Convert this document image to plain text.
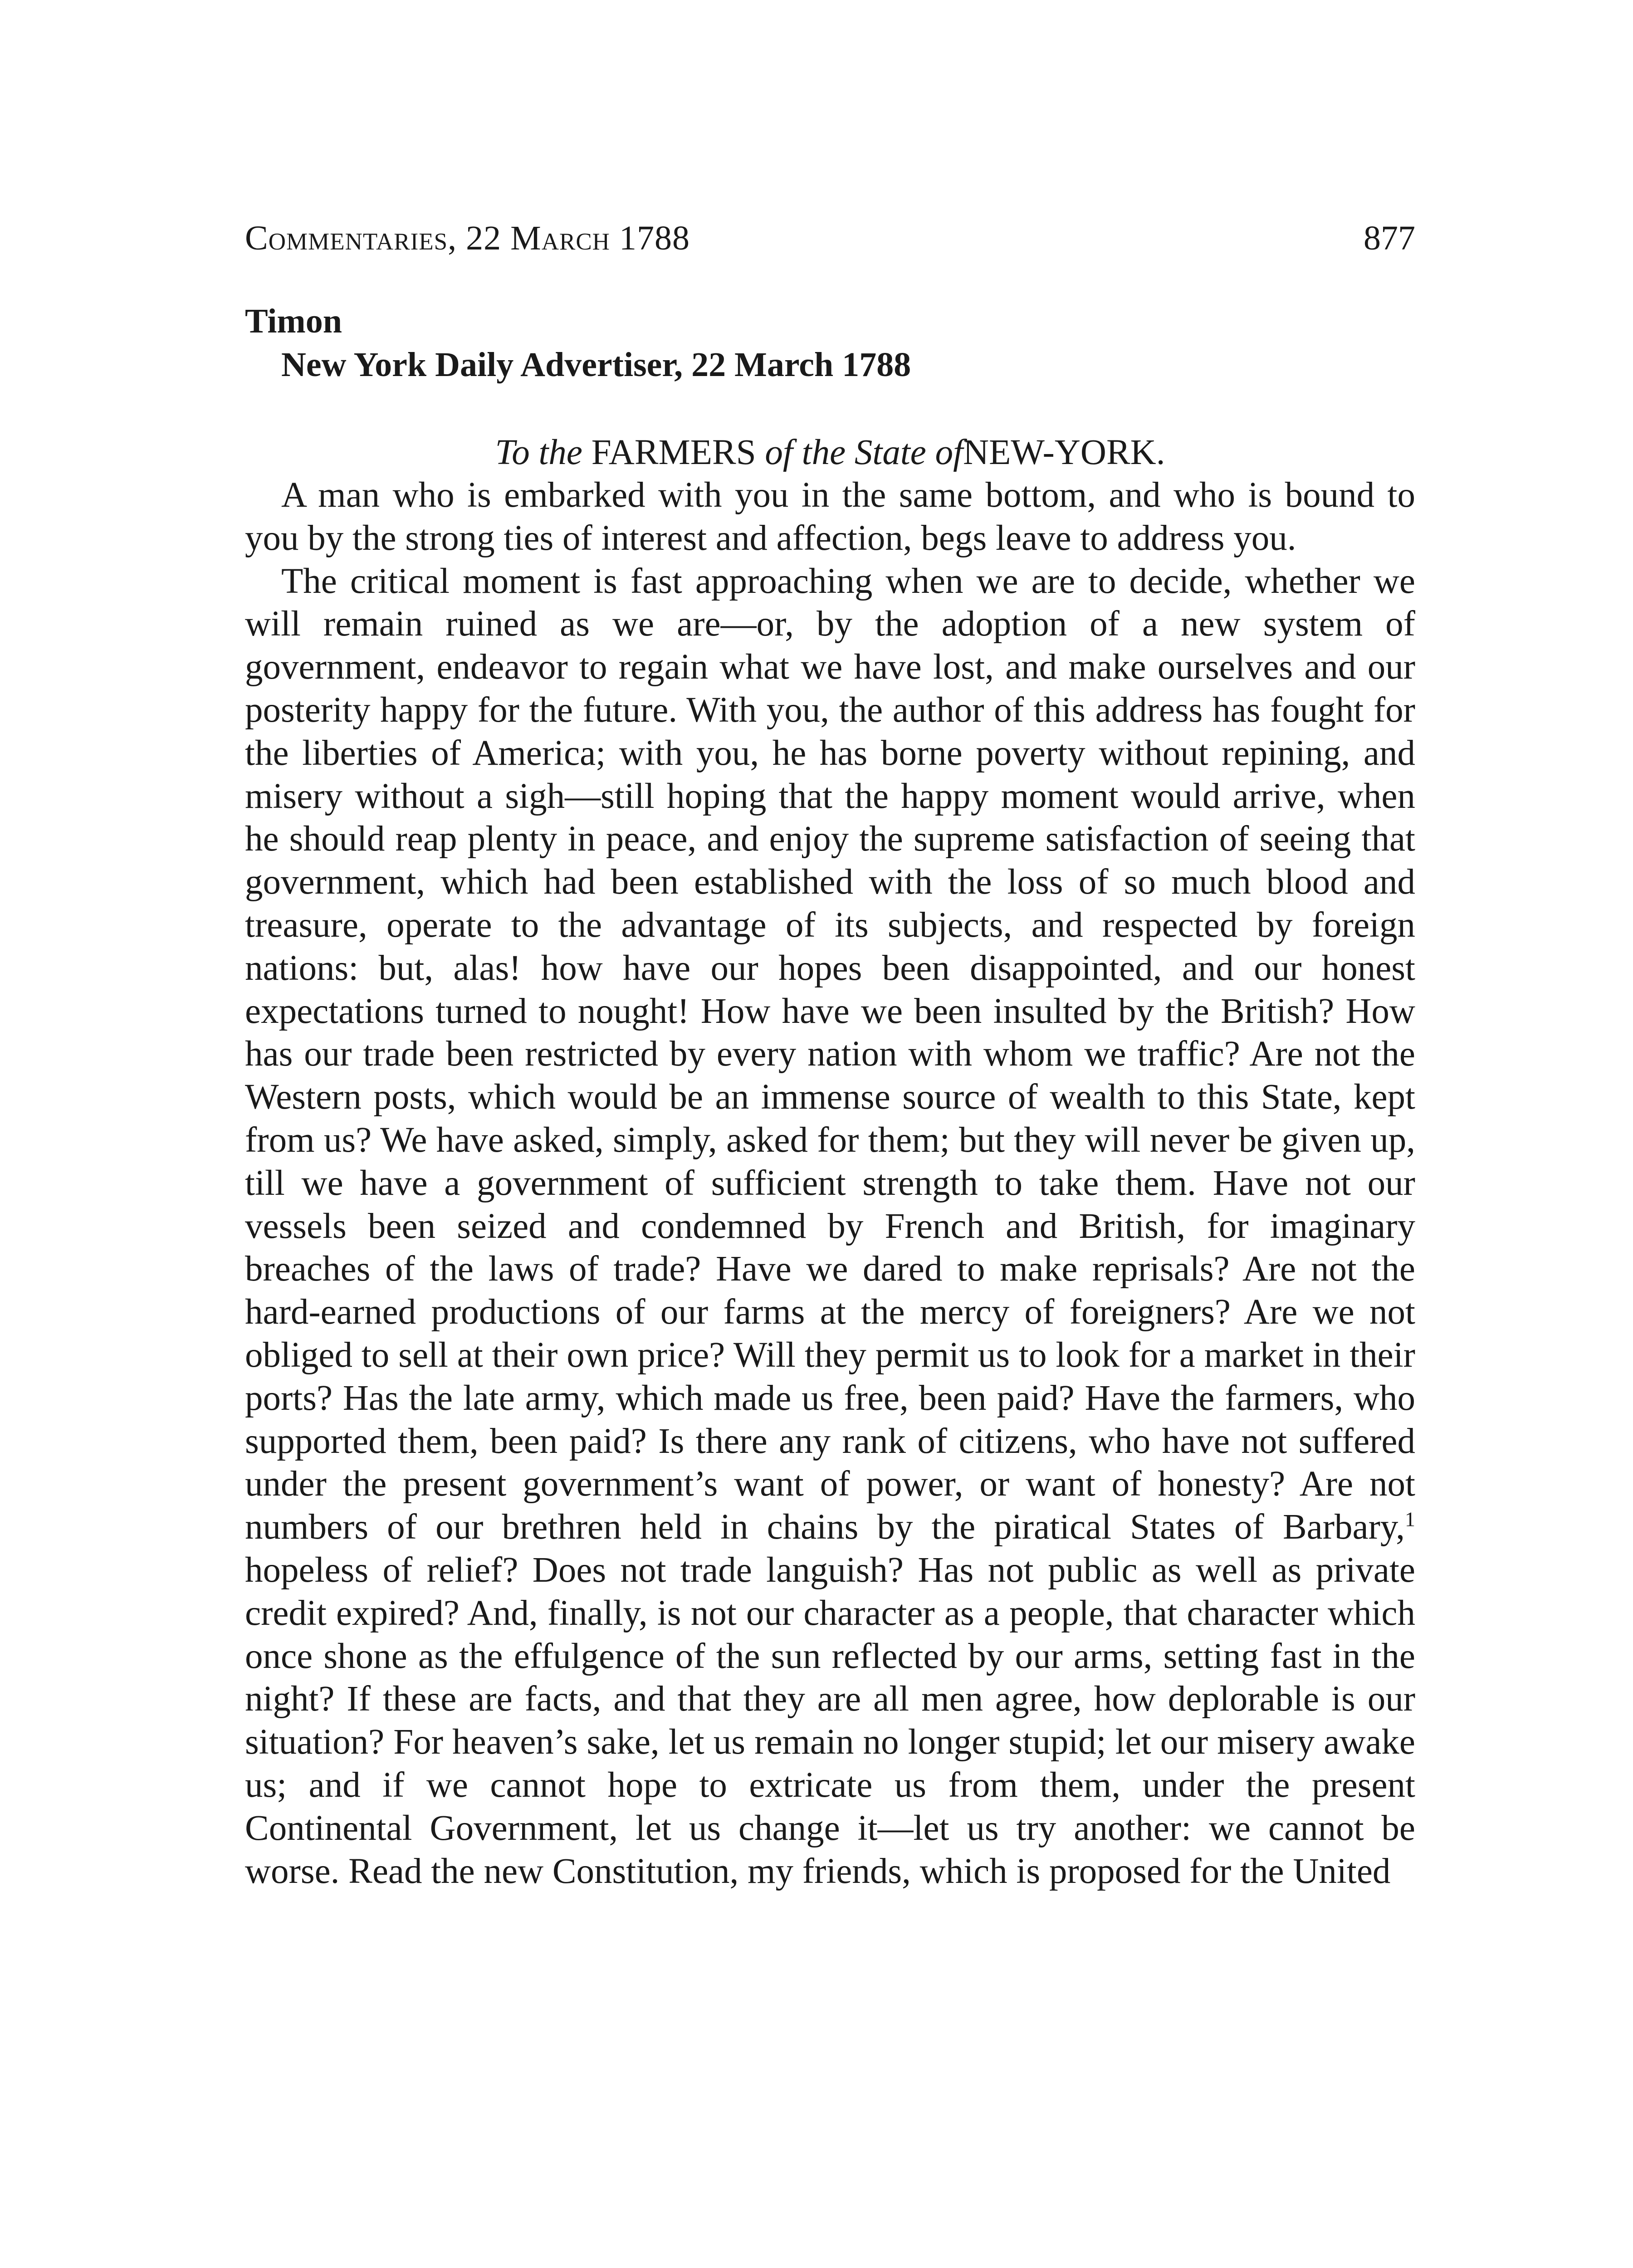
Commentaries, 22 March 1788	877
Timon
New York Daily Advertiser, 22 March 1788
To the FARMERS of the State ofNEW-YORK.

A man who is embarked with you in the same bottom, and who is bound to you by the strong ties of interest and affection, begs leave to address you.

The critical moment is fast approaching when we are to decide, whether we will remain ruined as we are—or, by the adoption of a new system of government, endeavor to regain what we have lost, and make ourselves and our posterity happy for the future. With you, the author of this address has fought for the liberties of America; with you, he has borne poverty without repining, and misery without a sigh—still hoping that the happy moment would arrive, when he should reap plenty in peace, and enjoy the supreme satisfaction of seeing that government, which had been established with the loss of so much blood and treasure, operate to the advantage of its subjects, and respected by foreign nations: but, alas! how have our hopes been disappointed, and our honest expectations turned to nought! How have we been insulted by the British? How has our trade been restricted by every nation with whom we traffic? Are not the Western posts, which would be an immense source of wealth to this State, kept from us? We have asked, simply, asked for them; but they will never be given up, till we have a government of sufficient strength to take them. Have not our vessels been seized and condemned by French and British, for imaginary breaches of the laws of trade? Have we dared to make reprisals? Are not the hard-earned productions of our farms at the mercy of foreigners? Are we not obliged to sell at their own price? Will they permit us to look for a market in their ports? Has the late army, which made us free, been paid? Have the farmers, who supported them, been paid? Is there any rank of citizens, who have not suffered under the present government’s want of power, or want of honesty? Are not numbers of our brethren held in chains by the piratical States of Barbary,$^1$ hopeless of relief? Does not trade languish? Has not public as well as private credit expired? And, finally, is not our character as a people, that character which once shone as the effulgence of the sun reflected by our arms, setting fast in the night? If these are facts, and that they are all men agree, how deplorable is our situation? For heaven’s sake, let us remain no longer stupid; let our misery awake us; and if we cannot hope to extricate us from them, under the present Continental Government, let us change it—let us try another: we cannot be worse. Read the new Constitution, my friends, which is proposed for the United
